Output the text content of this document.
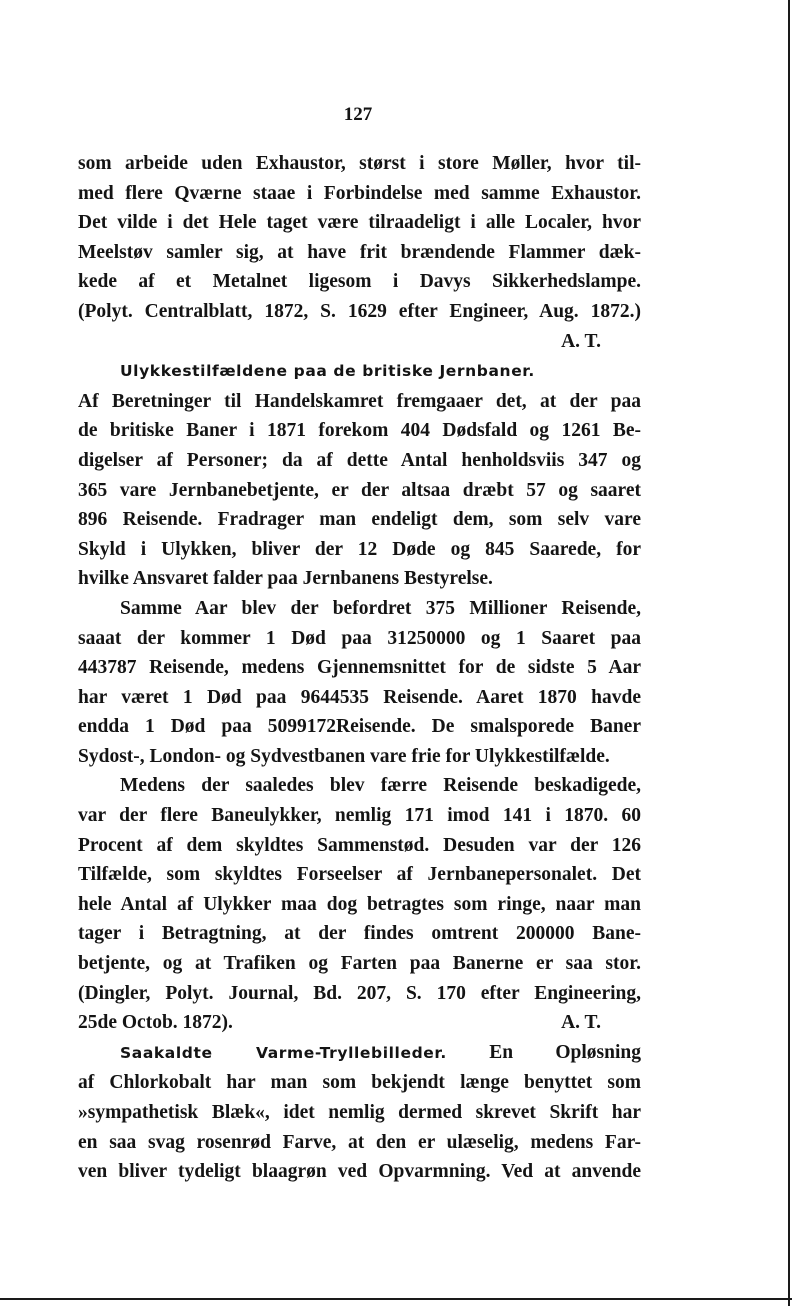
127
som arbeide uden Exhaustor, størst i store Møller, hvor til-
med flere Qværne staae i Forbindelse med samme Exhaustor.
Det vilde i det Hele taget være tilraadeligt i alle Localer, hvor
Meelstøv samler sig, at have frit brændende Flammer dæk-
kede af et Metalnet ligesom i Davys Sikkerhedslampe.
(Polyt. Centralblatt, 1872, S. 1629 efter Engineer, Aug. 1872.)
A. T.
Ulykkestilfældene paa de britiske Jernbaner.
Af Beretninger til Handelskamret fremgaaer det, at der paa
de britiske Baner i 1871 forekom 404 Dødsfald og 1261 Be-
digelser af Personer; da af dette Antal henholdsviis 347 og
365 vare Jernbanebetjente, er der altsaa dræbt 57 og saaret
896 Reisende. Fradrager man endeligt dem, som selv vare
Skyld i Ulykken, bliver der 12 Døde og 845 Saarede, for
hvilke Ansvaret falder paa Jernbanens Bestyrelse.
Samme Aar blev der befordret 375 Millioner Reisende,
saaat der kommer 1 Død paa 31250000 og 1 Saaret paa
443787 Reisende, medens Gjennemsnittet for de sidste 5 Aar
har været 1 Død paa 9644535 Reisende. Aaret 1870 havde
endda 1 Død paa 5099172Reisende. De smalsporede Baner
Sydost-, London- og Sydvestbanen vare frie for Ulykkestilfælde.
Medens der saaledes blev færre Reisende beskadigede,
var der flere Baneulykker, nemlig 171 imod 141 i 1870. 60
Procent af dem skyldtes Sammenstød. Desuden var der 126
Tilfælde, som skyldtes Forseelser af Jernbanepersonalet. Det
hele Antal af Ulykker maa dog betragtes som ringe, naar man
tager i Betragtning, at der findes omtrent 200000 Bane-
betjente, og at Trafiken og Farten paa Banerne er saa stor.
(Dingler, Polyt. Journal, Bd. 207, S. 170 efter Engineering,
25de Octob. 1872).	A. T.
Saakaldte Varme-Tryllebilleder. En Opløsning
af Chlorkobalt har man som bekjendt længe benyttet som
»sympathetisk Blæk«, idet nemlig dermed skrevet Skrift har
en saa svag rosenrød Farve, at den er ulæselig, medens Far-
ven bliver tydeligt blaagrøn ved Opvarmning. Ved at anvende
